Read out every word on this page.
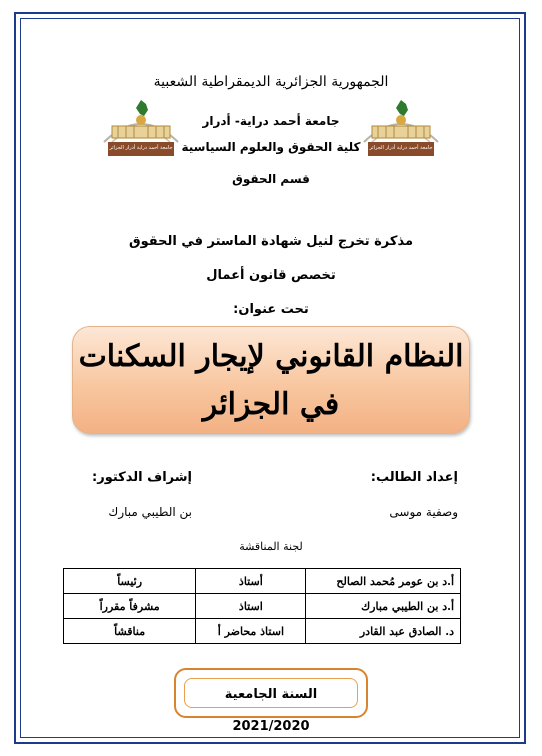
الجمهورية الجزائرية الديمقراطية الشعبية
جامعة أحمد دراية- أدرار
كلية الحقوق والعلوم السياسية
قسم الحقوق
جامعة أحمد دراية أدرار الجزائر	جامعة أحمد دراية أدرار الجزائر
مذكرة تخرج لنيل شهادة الماستر في الحقوق
تخصص قانون أعمال
تحت عنوان:
النظام القانوني لإيجار السكنات
في الجزائر
إعداد الطالب:
وصفية موسى
إشراف الدكتور:
بن الطيبي مبارك
لجنة المناقشة
أ.د بن عومر مُحمد الصالح	أستاذ	رئيساً
أ.د بن الطيبي مبارك	استاذ	مشرفاً مقرراً
د. الصادق عبد القادر	استاذ محاضر أ	مناقشاً
السنة الجامعية 2021/2020
